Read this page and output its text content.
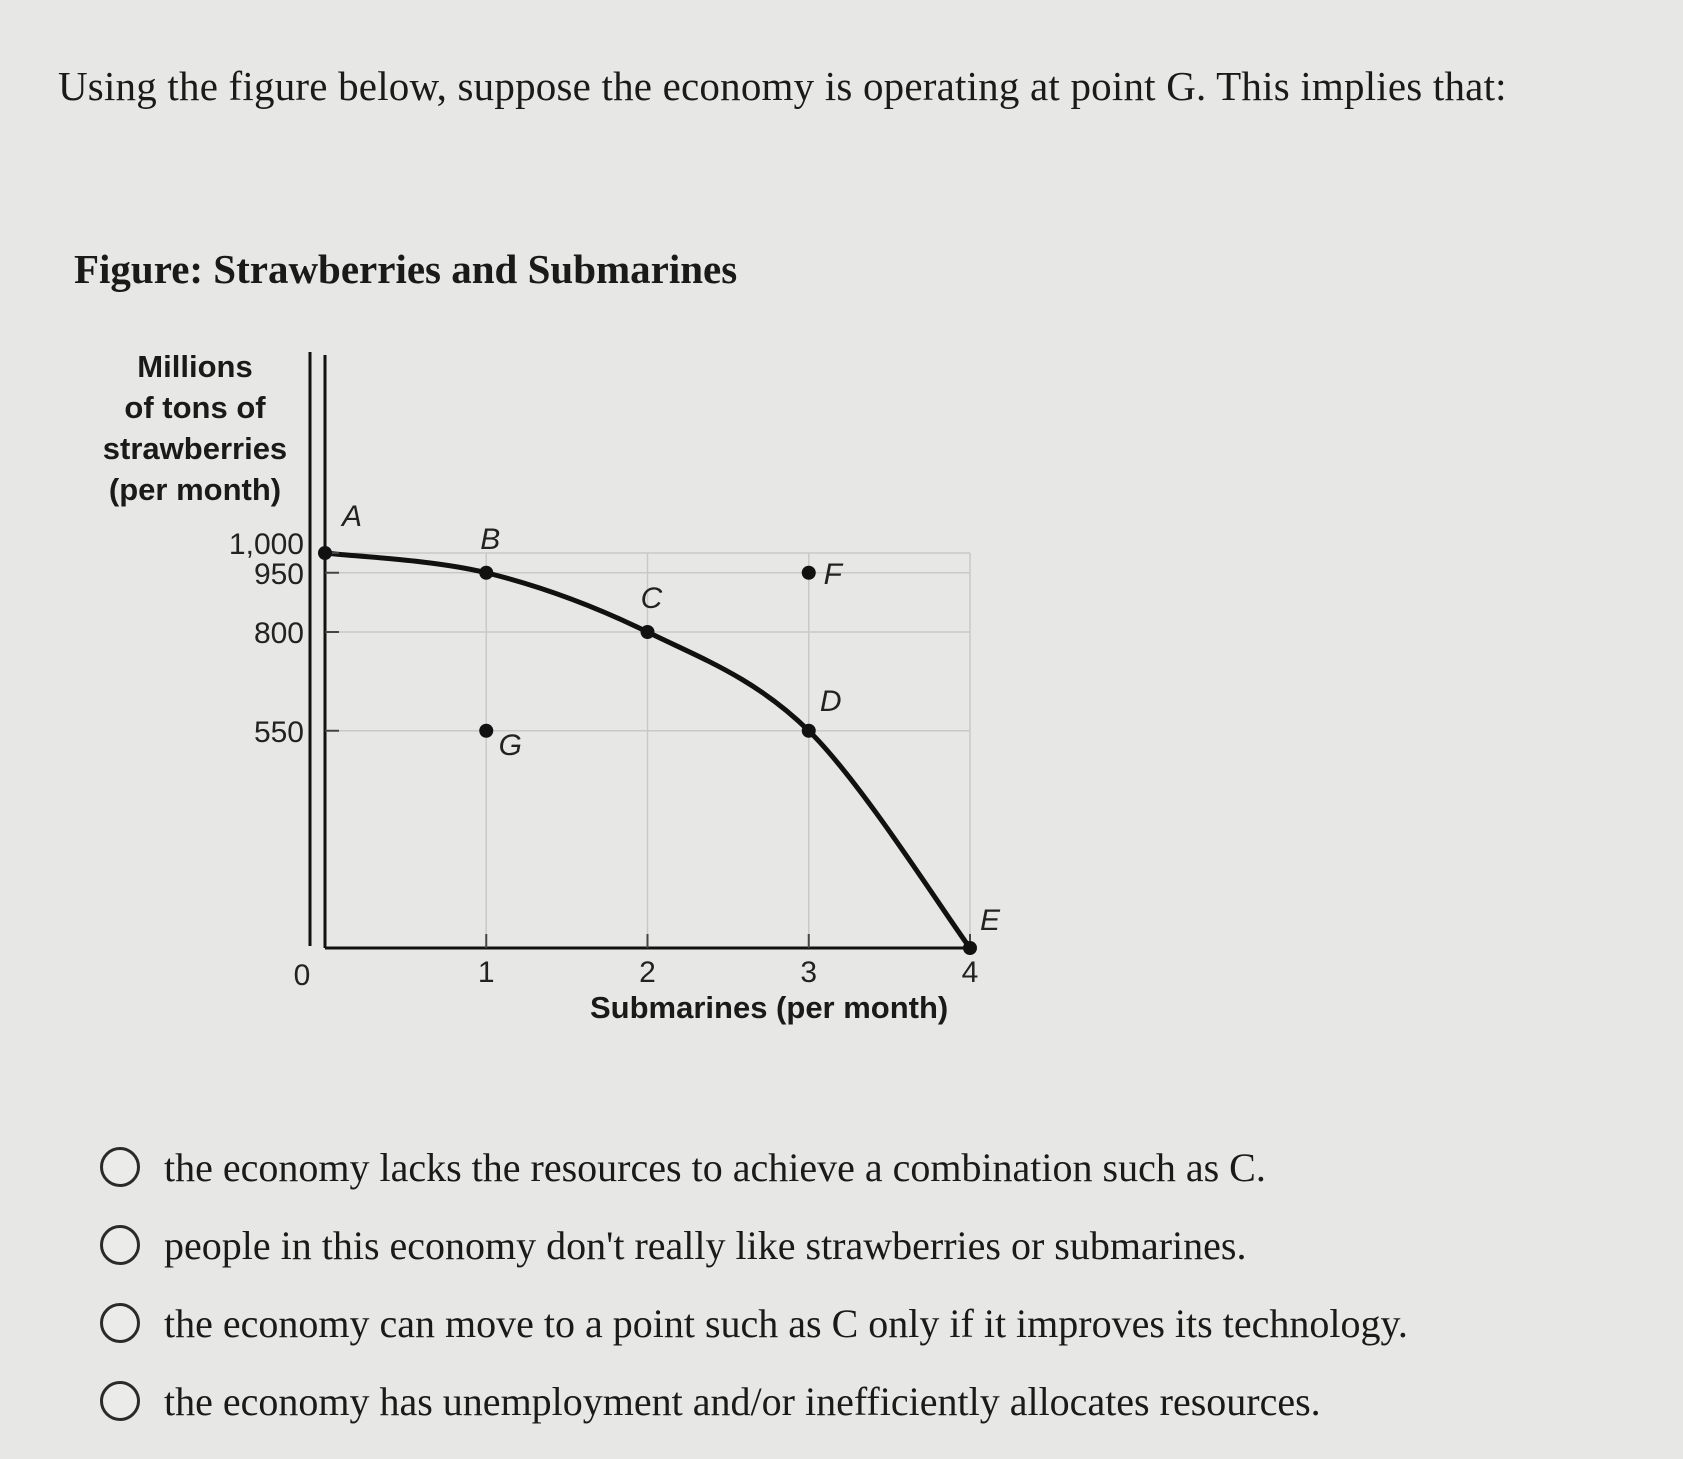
Using the figure below, suppose the economy is operating at point G. This implies that:
Figure: Strawberries and Submarines
1	2	3	4
0
1,000
950
800
550
A
B
C
D
E
F
G
Millions
of tons of
strawberries
(per month)
Submarines (per month)
the economy lacks the resources to achieve a combination such as C.
people in this economy don't really like strawberries or submarines.
the economy can move to a point such as C only if it improves its technology.
the economy has unemployment and/or inefficiently allocates resources.
